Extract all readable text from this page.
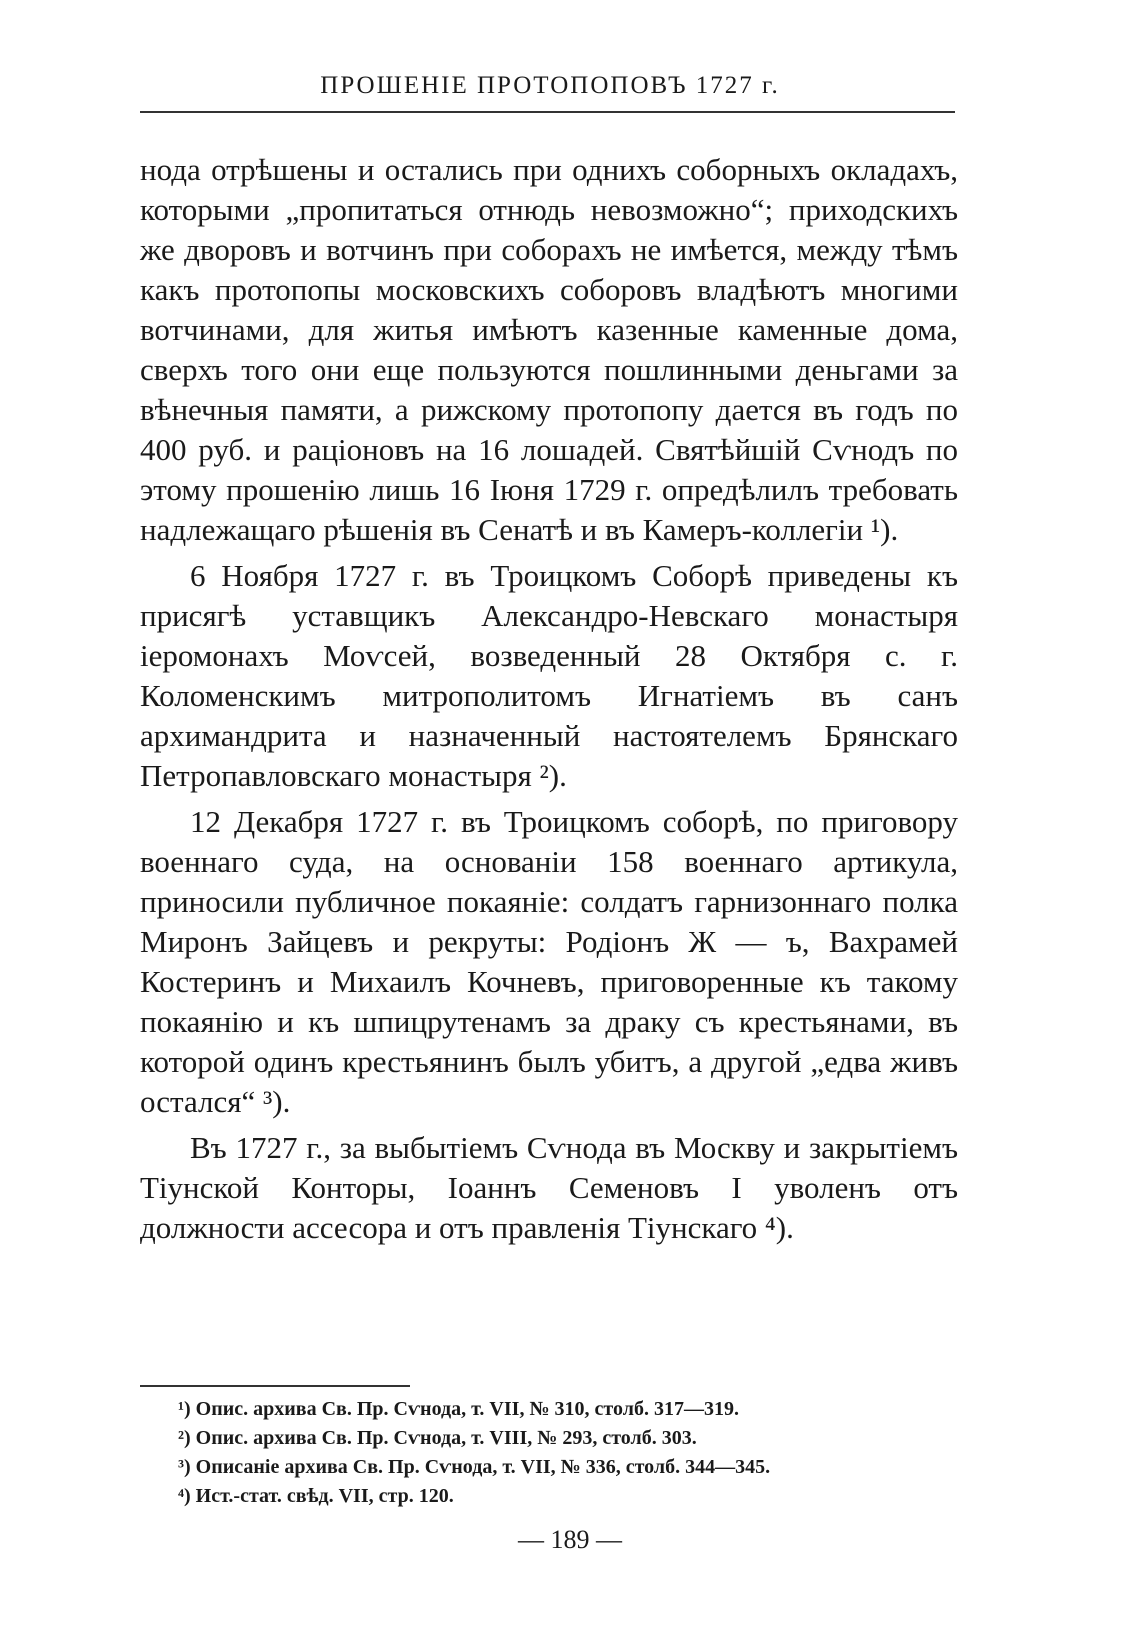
ПРОШЕНІЕ ПРОТОПОПОВЪ 1727 г.

нода отрѣшены и остались при однихъ соборныхъ окладахъ, которыми „пропитаться отнюдь невозможно“; приходскихъ же дворовъ и вотчинъ при соборахъ не имѣется, между тѣмъ какъ протопопы московскихъ соборовъ владѣютъ многими вотчинами, для житья имѣютъ казенные каменные дома, сверхъ того они еще пользуются пошлинными деньгами за вѣнечныя памяти, а рижскому протопопу дается въ годъ по 400 руб. и раціоновъ на 16 лошадей. Святѣйшій Сѵнодъ по этому прошенію лишь 16 Іюня 1729 г. опредѣлилъ требовать надлежащаго рѣшенія въ Сенатѣ и въ Камеръ-коллегіи ¹).

6 Ноября 1727 г. въ Троицкомъ Соборѣ приведены къ присягѣ уставщикъ Александро-Невскаго монастыря іеромонахъ Моѵсей, возведенный 28 Октября с. г. Коломенскимъ митрополитомъ Игнатіемъ въ санъ архимандрита и назначенный настоятелемъ Брянскаго Петропавловскаго монастыря ²).

12 Декабря 1727 г. въ Троицкомъ соборѣ, по приговору военнаго суда, на основаніи 158 военнаго артикула, приносили публичное покаяніе: солдатъ гарнизоннаго полка Миронъ Зайцевъ и рекруты: Родіонъ Ж — ъ, Вахрамей Костеринъ и Михаилъ Кочневъ, приговоренные къ такому покаянію и къ шпицрутенамъ за драку съ крестьянами, въ которой одинъ крестьянинъ былъ убитъ, а другой „едва живъ остался“ ³).

Въ 1727 г., за выбытіемъ Сѵнода въ Москву и закрытіемъ Тіунской Конторы, Іоаннъ Семеновъ I уволенъ отъ должности ассесора и отъ правленія Тіунскаго ⁴).

¹) Опис. архива Св. Пр. Сѵнода, т. VII, № 310, столб. 317—319.

²) Опис. архива Св. Пр. Сѵнода, т. VIII, № 293, столб. 303.

³) Описаніе архива Св. Пр. Сѵнода, т. VII, № 336, столб. 344—345.

⁴) Ист.-стат. свѣд. VII, стр. 120.

— 189 —
